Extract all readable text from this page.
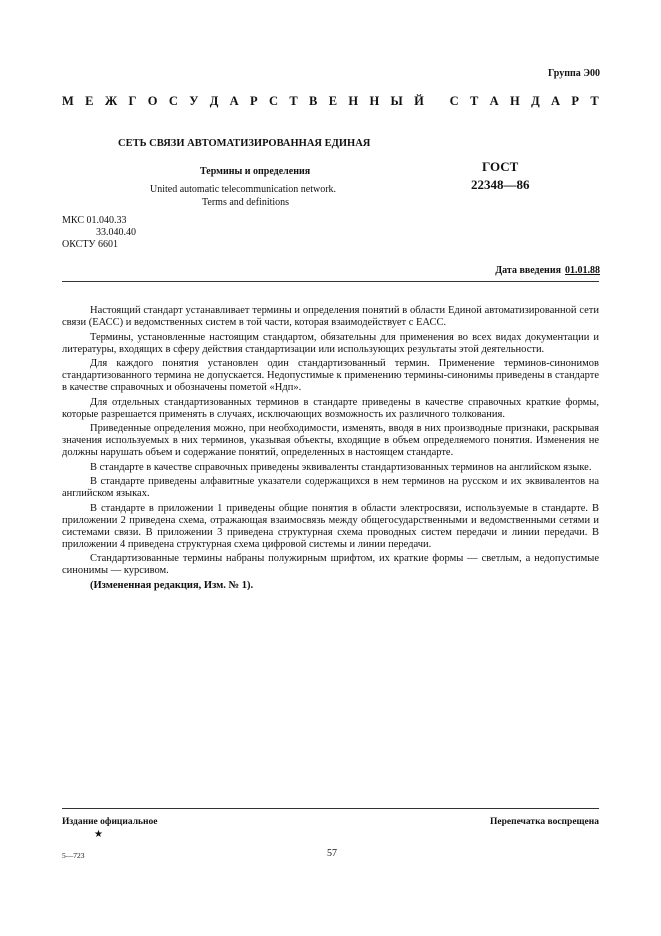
Группа Э00
М Е Ж Г О С У Д А Р С Т В Е Н Н Ы Й
С Т А Н Д А Р Т
СЕТЬ СВЯЗИ АВТОМАТИЗИРОВАННАЯ ЕДИНАЯ
Термины и определения
United automatic telecommunication network.
Terms and definitions
ГОСТ
22348—86
МКС 01.040.33
33.040.40
ОКСТУ 6601
Дата введения 01.01.88

Настоящий стандарт устанавливает термины и определения понятий в области Единой автоматизированной сети связи (ЕАСС) и ведомственных систем в той части, которая взаимодействует с ЕАСС.

Термины, установленные настоящим стандартом, обязательны для применения во всех видах документации и литературы, входящих в сферу действия стандартизации или использующих результаты этой деятельности.

Для каждого понятия установлен один стандартизованный термин. Применение терминов-синонимов стандартизованного термина не допускается. Недопустимые к применению термины-синонимы приведены в стандарте в качестве справочных и обозначены пометой «Ндп».

Для отдельных стандартизованных терминов в стандарте приведены в качестве справочных краткие формы, которые разрешается применять в случаях, исключающих возможность их различного толкования.

Приведенные определения можно, при необходимости, изменять, вводя в них производные признаки, раскрывая значения используемых в них терминов, указывая объекты, входящие в объем определяемого понятия. Изменения не должны нарушать объем и содержание понятий, определенных в настоящем стандарте.

В стандарте в качестве справочных приведены эквиваленты стандартизованных терминов на английском языке.

В стандарте приведены алфавитные указатели содержащихся в нем терминов на русском и их эквивалентов на английском языках.

В стандарте в приложении 1 приведены общие понятия в области электросвязи, используемые в стандарте. В приложении 2 приведена схема, отражающая взаимосвязь между общегосударственными и ведомственными сетями и системами связи. В приложении 3 приведена структурная схема проводных систем передачи и линии передачи. В приложении 4 приведена структурная схема цифровой системы и линии передачи.

Стандартизованные термины набраны полужирным шрифтом, их краткие формы — светлым, а недопустимые синонимы — курсивом.

(Измененная редакция, Изм. № 1).

Издание официальное
★
Перепечатка воспрещена
5—723	57
